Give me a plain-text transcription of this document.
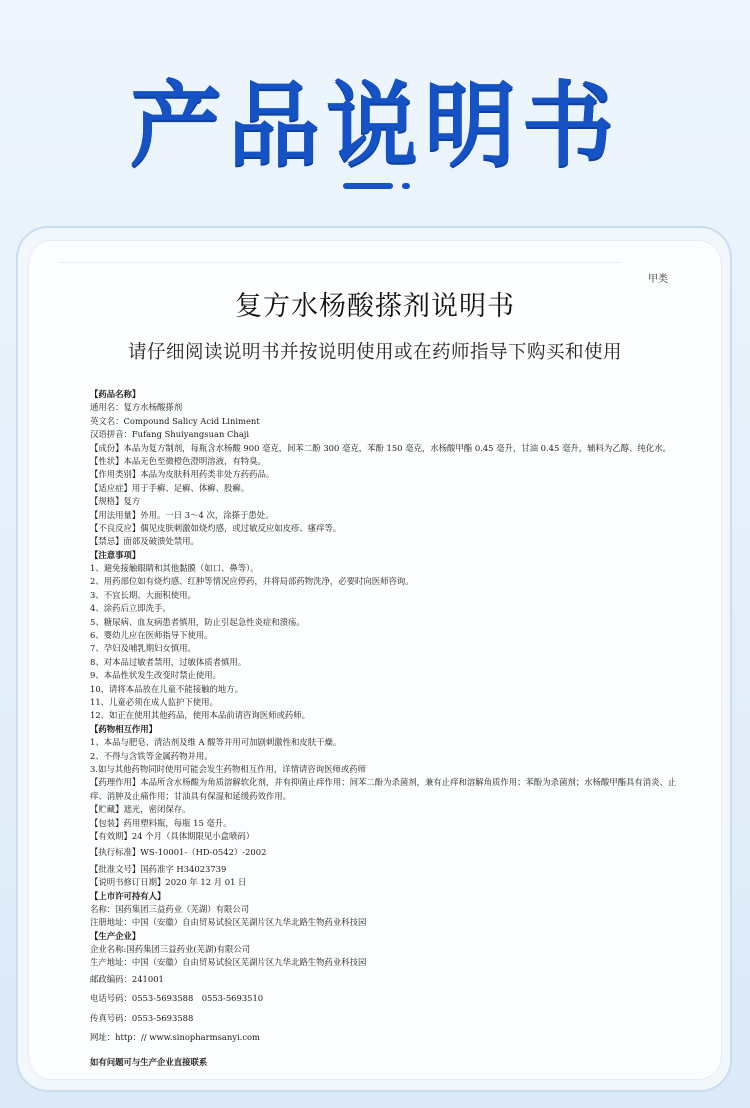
产品说明书
甲类
复方水杨酸搽剂说明书
请仔细阅读说明书并按说明使用或在药师指导下购买和使用
【药品名称】
通用名：复方水杨酸搽剂
英文名：Compound Salicy Acid Liniment
汉语拼音：Fufang Shuiyangsuan Chaji
【成份】本品为复方制剂，每瓶含水杨酸 900 毫克，间苯二酚 300 毫克，苯酚 150 毫克，水杨酸甲酯 0.45 毫升，甘油 0.45 毫升，辅料为乙醇、纯化水。
【性状】本品无色至微橙色澄明溶液，有特臭。
【作用类别】本品为皮肤科用药类非处方药药品。
【适应症】用于手癣、足癣、体癣、股癣。
【规格】复方
【用法用量】外用。一日 3～4 次，涂搽于患处。
【不良反应】偶见皮肤刺激如烧灼感，或过敏反应如皮疹、瘙痒等。
【禁忌】面部及破溃处禁用。
【注意事项】
1、避免接触眼睛和其他黏膜（如口、鼻等）。
2、用药部位如有烧灼感、红肿等情况应停药，并将局部药物洗净，必要时向医师咨询。
3、不宜长期、大面积使用。
4、涂药后立即洗手。
5、糖尿病、血友病患者慎用，防止引起急性炎症和溃疡。
6、婴幼儿应在医师指导下使用。
7、孕妇及哺乳期妇女慎用。
8、对本品过敏者禁用，过敏体质者慎用。
9、本品性状发生改变时禁止使用。
10、请将本品放在儿童不能接触的地方。
11、儿童必须在成人监护下使用。
12、如正在使用其他药品，使用本品前请咨询医师或药师。
【药物相互作用】
1、本品与肥皂、清洁剂及维 A 酸等并用可加剧刺激性和皮肤干燥。
2、不得与含铁等金属药物并用。
3.如与其他药物同时使用可能会发生药物相互作用，详情请咨询医师或药师
【药理作用】本品所含水杨酸为角质溶解软化剂，并有抑菌止痒作用；间苯二酚为杀菌剂，兼有止痒和溶解角质作用；苯酚为杀菌剂；水杨酸甲酯具有消炎、止痒、消肿及止痛作用；甘油具有保湿和延缓药效作用。
【贮藏】遮光，密闭保存。
【包装】药用塑料瓶，每瓶 15 毫升。
【有效期】24 个月（具体期限见小盒喷码）
【执行标准】WS-10001-（HD-0542）-2002
【批准文号】国药准字 H34023739
【说明书修订日期】2020 年 12 月 01 日
【上市许可持有人】
名称：国药集团三益药业（芜湖）有限公司
注册地址：中国（安徽）自由贸易试验区芜湖片区九华北路生物药业科技园
【生产企业】
企业名称:国药集团三益药业(芜湖)有限公司
生产地址：中国（安徽）自由贸易试验区芜湖片区九华北路生物药业科技园
邮政编码：241001
电话号码：0553-5693588　0553-5693510
传真号码：0553-5693588
网址：http：// www.sinopharmsanyi.com
如有问题可与生产企业直接联系
